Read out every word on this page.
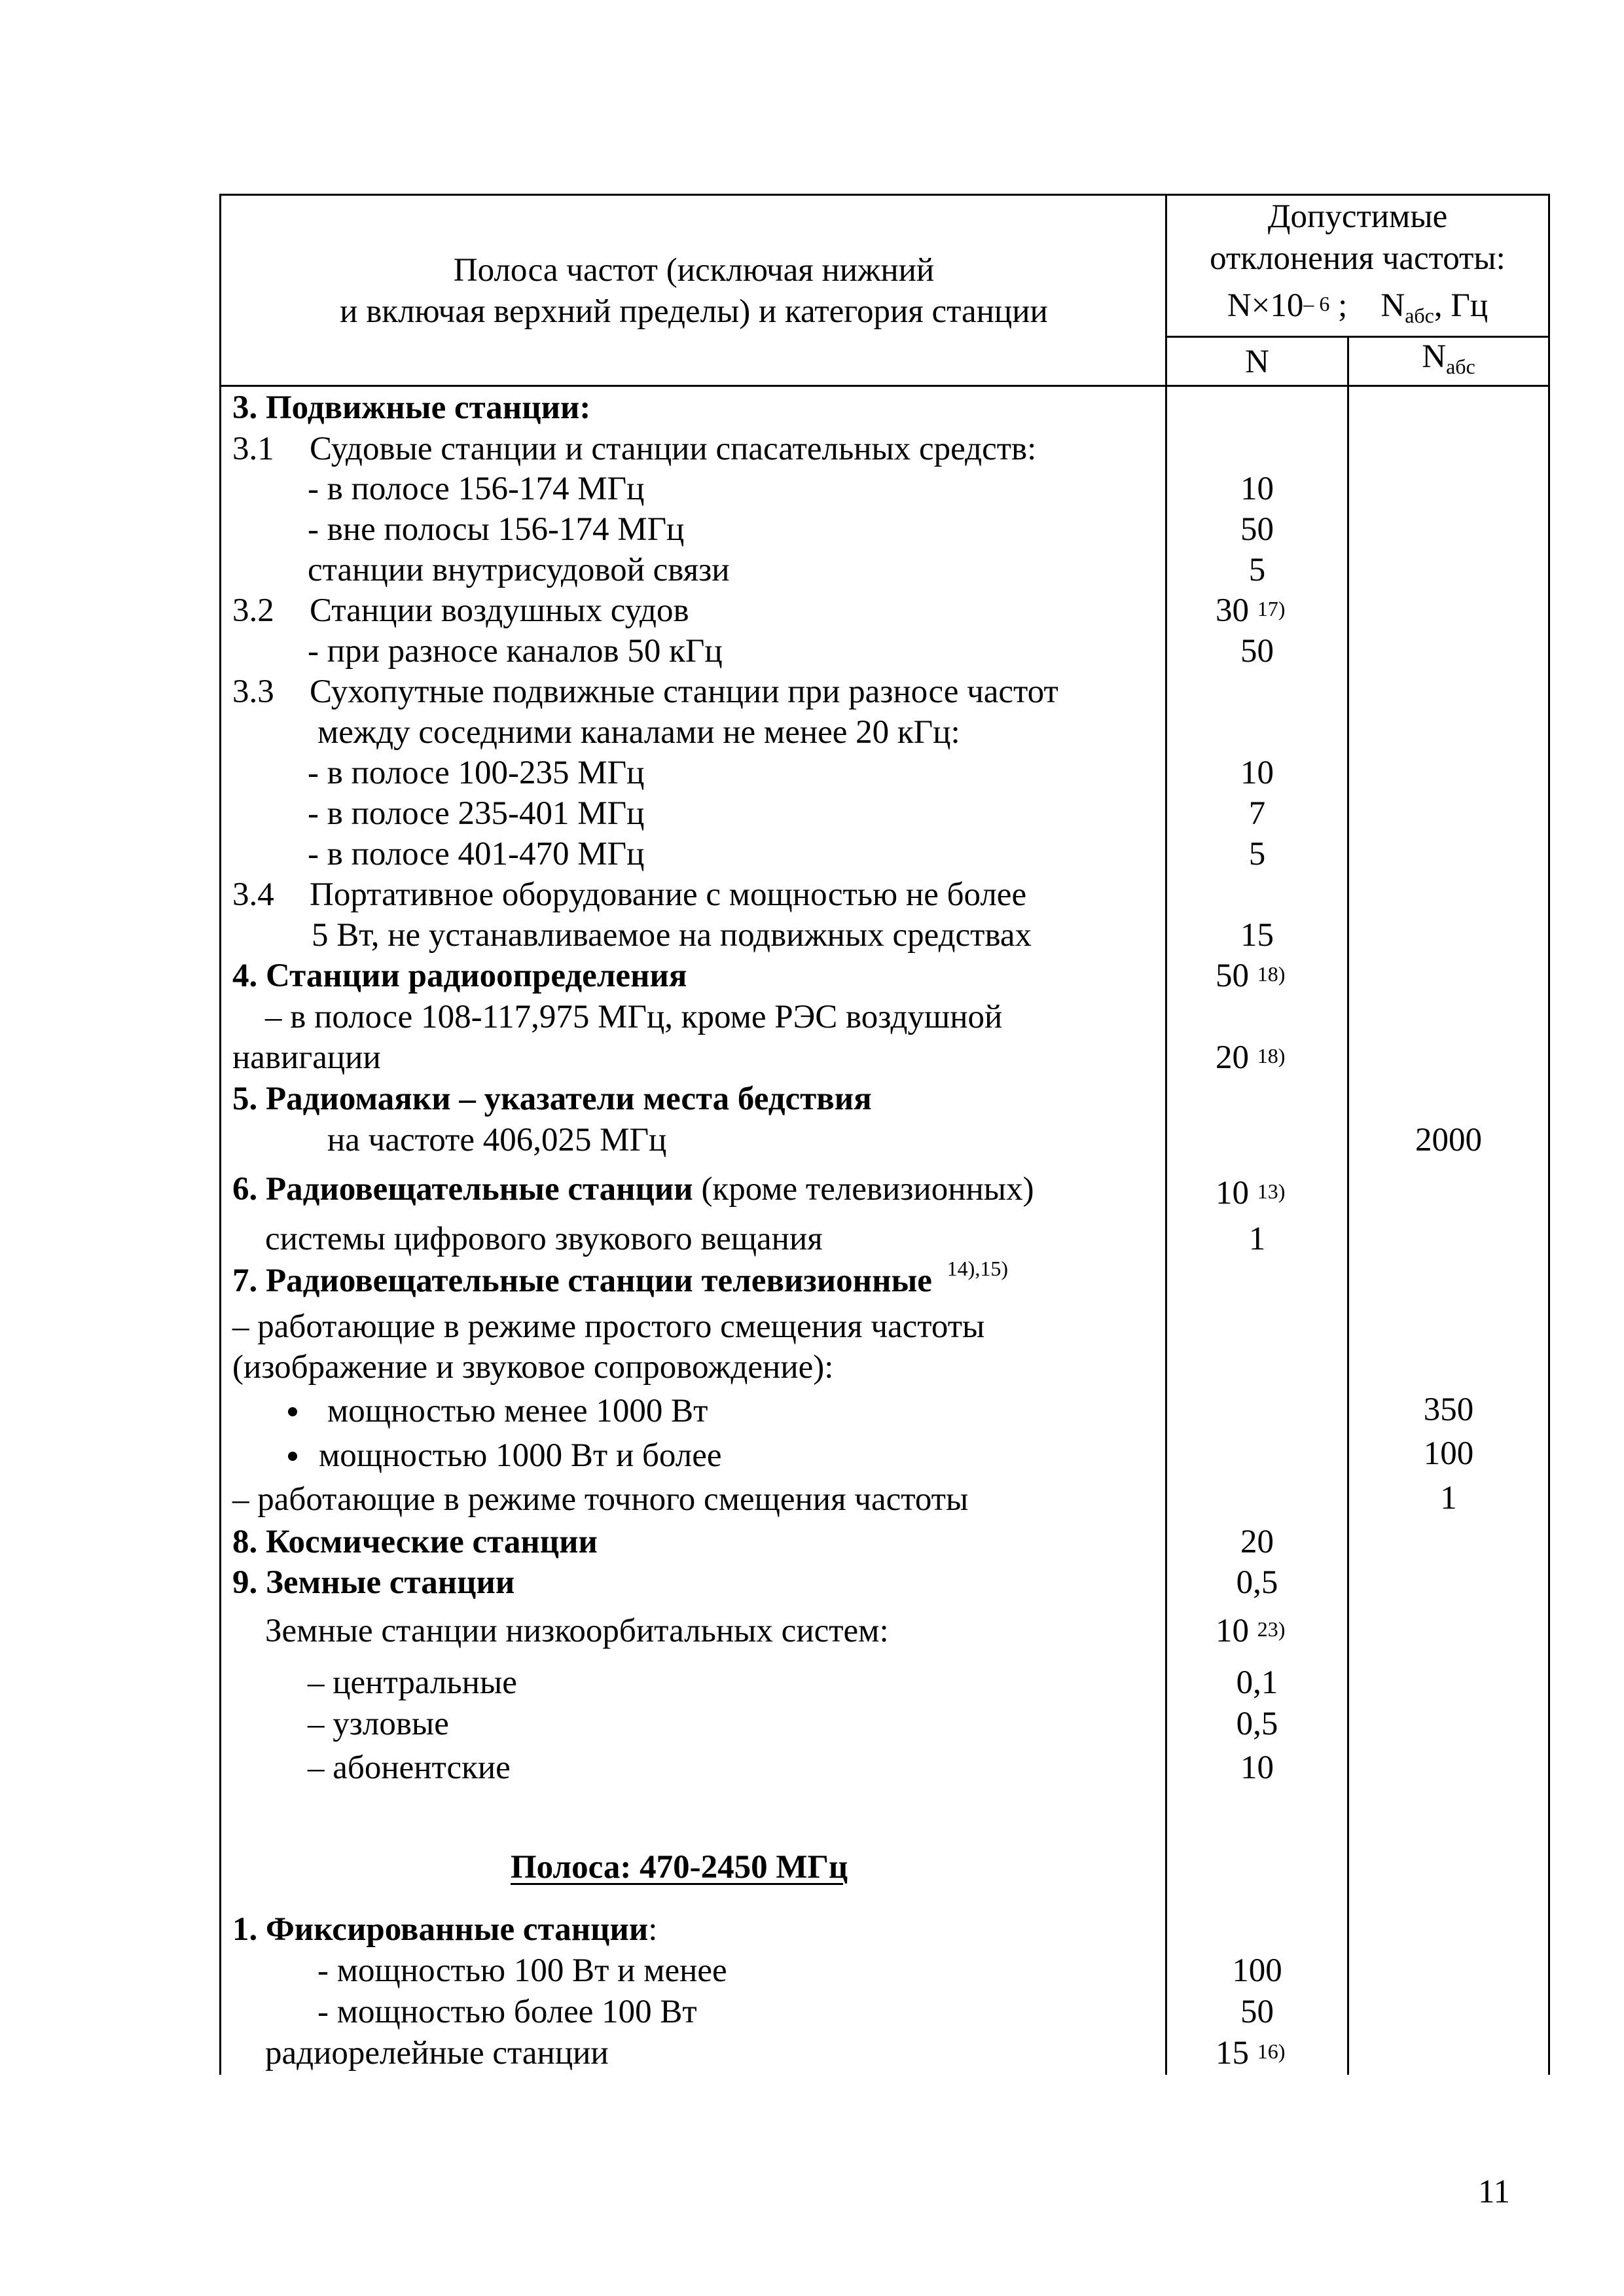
Полоса частот (исключая нижний
и включая верхний пределы) и категория станции
Допустимые
отклонения частоты:
$N\times 10^{- 6}$ ; Nабс, Гц
N	Nабс
3. Подвижные станции:
3.1 Судовые станции и станции спасательных средств:
- в полосе 156-174 МГц
- вне полосы 156-174 МГц
станции внутрисудовой связи
3.2 Станции воздушных судов
- при разносе каналов 50 кГц
3.3 Сухопутные подвижные станции при разносе частот
между соседними каналами не менее 20 кГц:
- в полосе 100-235 МГц
- в полосе 235-401 МГц
- в полосе 401-470 МГц
3.4 Портативное оборудование с мощностью не более
5 Вт, не устанавливаемое на подвижных средствах
4. Станции радиоопределения
– в полосе 108-117,975 МГц, кроме РЭС воздушной
навигации
5. Радиомаяки – указатели места бедствия
на частоте 406,025 МГц
6. Радиовещательные станции (кроме телевизионных)
системы цифрового звукового вещания
7. Радиовещательные станции телевизионные $^{14),15)}$
– работающие в режиме простого смещения частоты
(изображение и звуковое сопровождение):
мощностью менее 1000 Вт
мощностью 1000 Вт и более
– работающие в режиме точного смещения частоты
8. Космические станции
9. Земные станции
Земные станции низкоорбитальных систем:
– центральные
– узловые
– абонентские
Полоса: 470-2450 МГц
1. Фиксированные станции:
- мощностью 100 Вт и менее
- мощностью более 100 Вт
радиорелейные станции
10
50
5
30 $^{17)}$
50
10
7
5
15
50 $^{18)}$
20 $^{18)}$
10 $^{13)}$
1
20
0,5
10 $^{23)}$
0,1
0,5
10
100
50
15 $^{16)}$
2000
350
100
1
11
